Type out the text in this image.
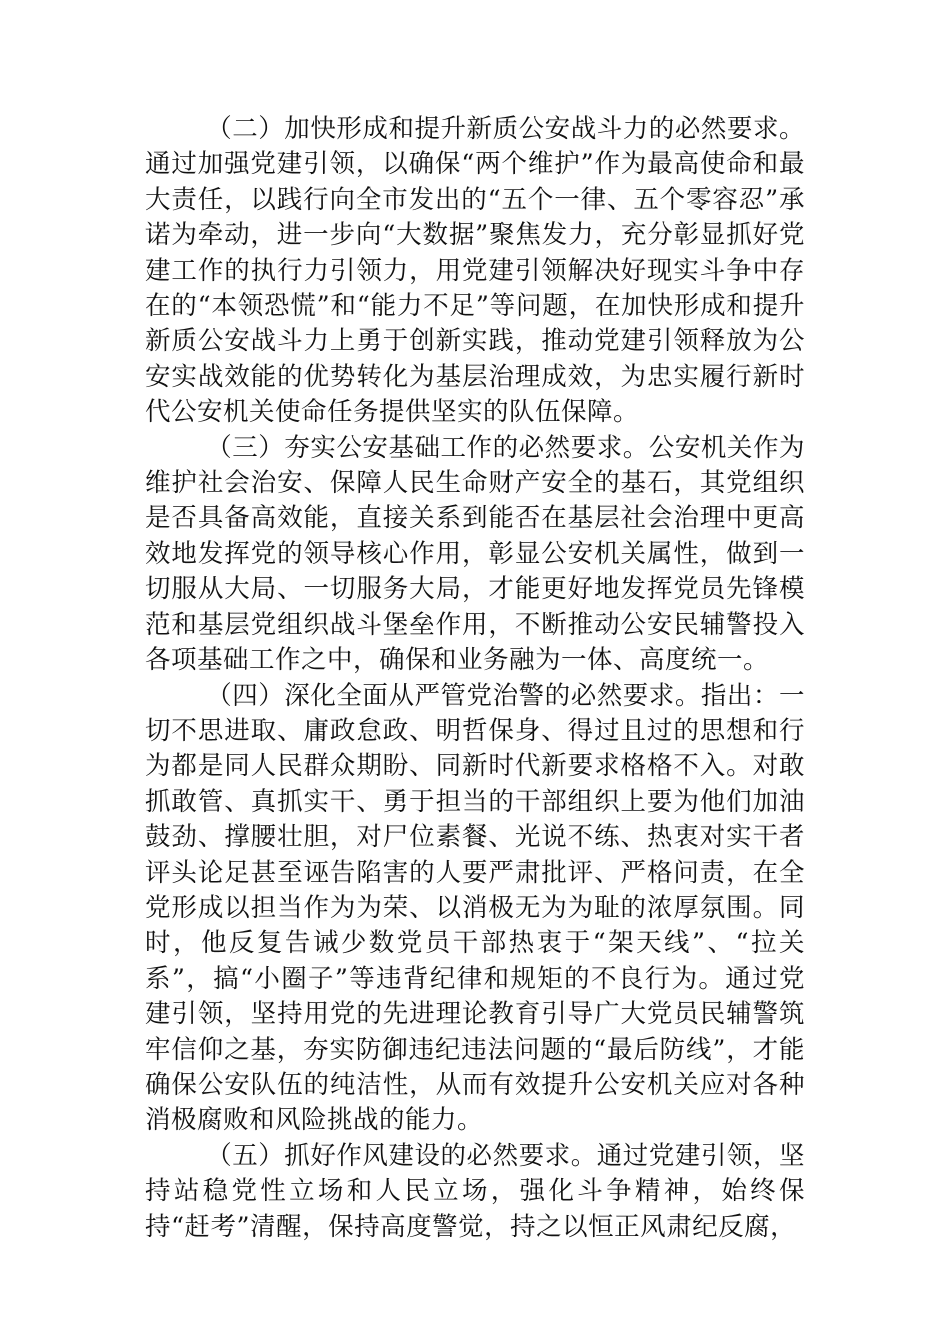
（二）加快形成和提升新质公安战斗力的必然要求。通过加强党建引领，以确保“两个维护”作为最高使命和最大责任，以践行向全市发出的“五个一律、五个零容忍”承诺为牵动，进一步向“大数据”聚焦发力，充分彰显抓好党建工作的执行力引领力，用党建引领解决好现实斗争中存在的“本领恐慌”和“能力不足”等问题，在加快形成和提升新质公安战斗力上勇于创新实践，推动党建引领释放为公安实战效能的优势转化为基层治理成效，为忠实履行新时代公安机关使命任务提供坚实的队伍保障。

（三）夯实公安基础工作的必然要求。公安机关作为维护社会治安、保障人民生命财产安全的基石，其党组织是否具备高效能，直接关系到能否在基层社会治理中更高效地发挥党的领导核心作用，彰显公安机关属性，做到一切服从大局、一切服务大局，才能更好地发挥党员先锋模范和基层党组织战斗堡垒作用，不断推动公安民辅警投入各项基础工作之中，确保和业务融为一体、高度统一。

（四）深化全面从严管党治警的必然要求。指出：一切不思进取、庸政怠政、明哲保身、得过且过的思想和行为都是同人民群众期盼、同新时代新要求格格不入。对敢抓敢管、真抓实干、勇于担当的干部组织上要为他们加油鼓劲、撑腰壮胆，对尸位素餐、光说不练、热衷对实干者评头论足甚至诬告陷害的人要严肃批评、严格问责，在全党形成以担当作为为荣、以消极无为为耻的浓厚氛围。同时，他反复告诫少数党员干部热衷于“架天线”、“拉关系”，搞“小圈子”等违背纪律和规矩的不良行为。通过党建引领，坚持用党的先进理论教育引导广大党员民辅警筑牢信仰之基，夯实防御违纪违法问题的“最后防线”，才能确保公安队伍的纯洁性，从而有效提升公安机关应对各种消极腐败和风险挑战的能力。

（五）抓好作风建设的必然要求。通过党建引领，坚持站稳党性立场和人民立场，强化斗争精神，始终保持“赶考”清醒，保持高度警觉，持之以恒正风肃纪反腐，
